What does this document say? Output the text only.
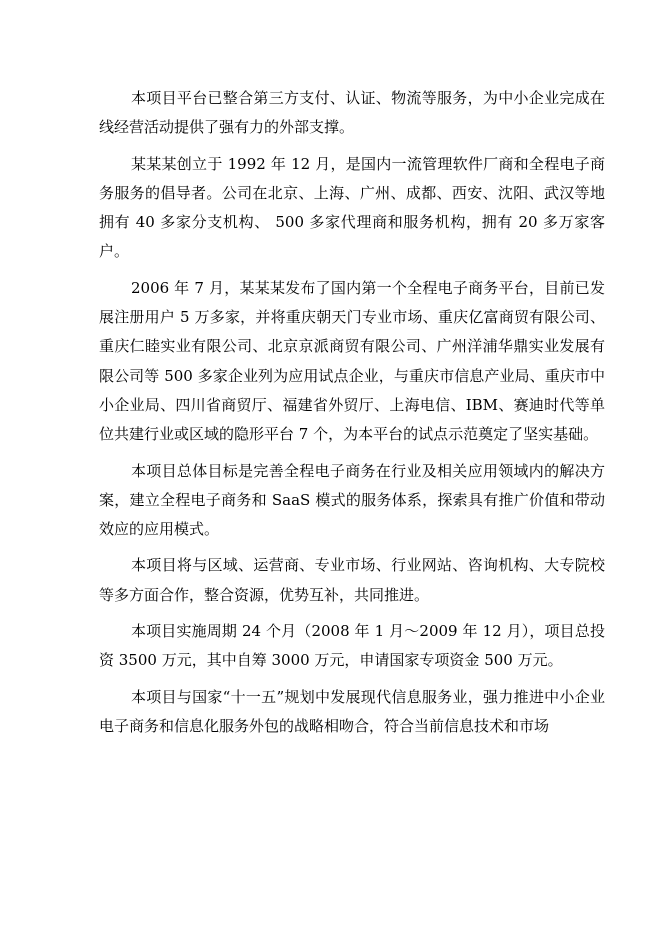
本项目平台已整合第三方支付、认证、物流等服务，为中小企业完成在线经营活动提供了强有力的外部支撑。

某某某创立于 1992 年 12 月，是国内一流管理软件厂商和全程电子商务服务的倡导者。公司在北京、上海、广州、成都、西安、沈阳、武汉等地拥有 40 多家分支机构、 500 多家代理商和服务机构，拥有 20 多万家客户。

2006 年 7 月，某某某发布了国内第一个全程电子商务平台，目前已发展注册用户 5 万多家，并将重庆朝天门专业市场、重庆亿富商贸有限公司、重庆仁睦实业有限公司、北京京派商贸有限公司、广州洋浦华鼎实业发展有限公司等 500 多家企业列为应用试点企业，与重庆市信息产业局、重庆市中小企业局、四川省商贸厅、福建省外贸厅、上海电信、IBM、赛迪时代等单位共建行业或区域的隐形平台 7 个，为本平台的试点示范奠定了坚实基础。

本项目总体目标是完善全程电子商务在行业及相关应用领域内的解决方案，建立全程电子商务和 SaaS 模式的服务体系，探索具有推广价值和带动效应的应用模式。

本项目将与区域、运营商、专业市场、行业网站、咨询机构、大专院校等多方面合作，整合资源，优势互补，共同推进。

本项目实施周期 24 个月（2008 年 1 月～2009 年 12 月），项目总投资 3500 万元，其中自筹 3000 万元，申请国家专项资金 500 万元。

本项目与国家“十一五”规划中发展现代信息服务业，强力推进中小企业电子商务和信息化服务外包的战略相吻合，符合当前信息技术和市场
